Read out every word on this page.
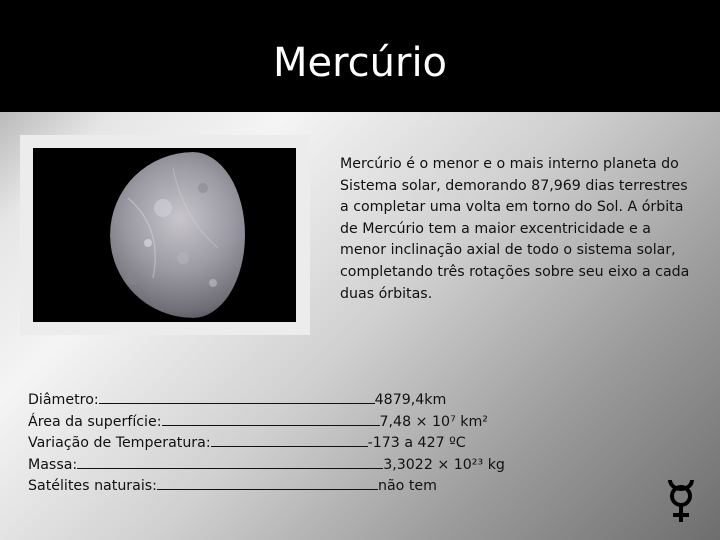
Mercúrio

Mercúrio é o menor e o mais interno planeta do Sistema solar, demorando 87,969 dias terrestres a completar uma volta em torno do Sol. A órbita de Mercúrio tem a maior excentricidade e a menor inclinação axial de todo o sistema solar, completando três rotações sobre seu eixo a cada duas órbitas.

Diâmetro:	4879,4km
Área da superfície:	7,48 × 10⁷ km²
Variação de Temperatura:	-173 a 427 ºC
Massa:	3,3022 × 10²³ kg
Satélites naturais:	não tem
